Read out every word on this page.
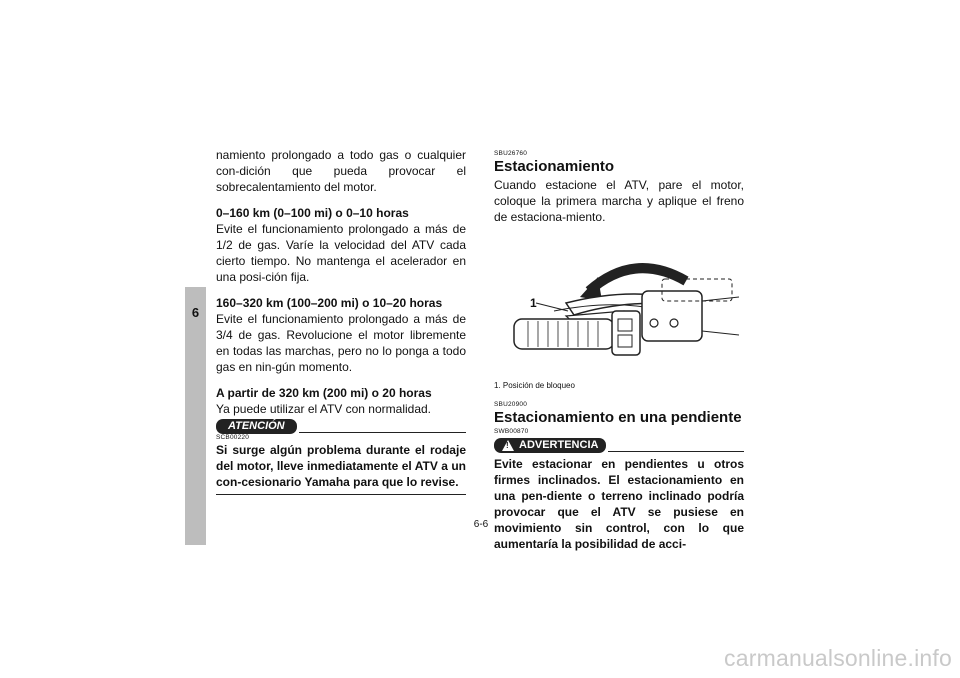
6

namiento prolongado a todo gas o cualquier con-dición que pueda provocar el sobrecalentamiento del motor.

0–160 km (0–100 mi) o 0–10 horas

Evite el funcionamiento prolongado a más de 1/2 de gas. Varíe la velocidad del ATV cada cierto tiempo. No mantenga el acelerador en una posi-ción fija.

160–320 km (100–200 mi) o 10–20 horas

Evite el funcionamiento prolongado a más de 3/4 de gas. Revolucione el motor libremente en todas las marchas, pero no lo ponga a todo gas en nin-gún momento.

A partir de 320 km (200 mi) o 20 horas

Ya puede utilizar el ATV con normalidad.

ATENCIÓN

SCB00220

Si surge algún problema durante el rodaje del motor, lleve inmediatamente el ATV a un con-cesionario Yamaha para que lo revise.

SBU26760

Estacionamiento

Cuando estacione el ATV, pare el motor, coloque la primera marcha y aplique el freno de estaciona-miento.

1

1. Posición de bloqueo

SBU20900

Estacionamiento en una pendiente

SWB00870

!
ADVERTENCIA

Evite estacionar en pendientes u otros firmes inclinados. El estacionamiento en una pen-diente o terreno inclinado podría provocar que el ATV se pusiese en movimiento sin control, con lo que aumentaría la posibilidad de acci-

6-6
carmanualsonline.info
